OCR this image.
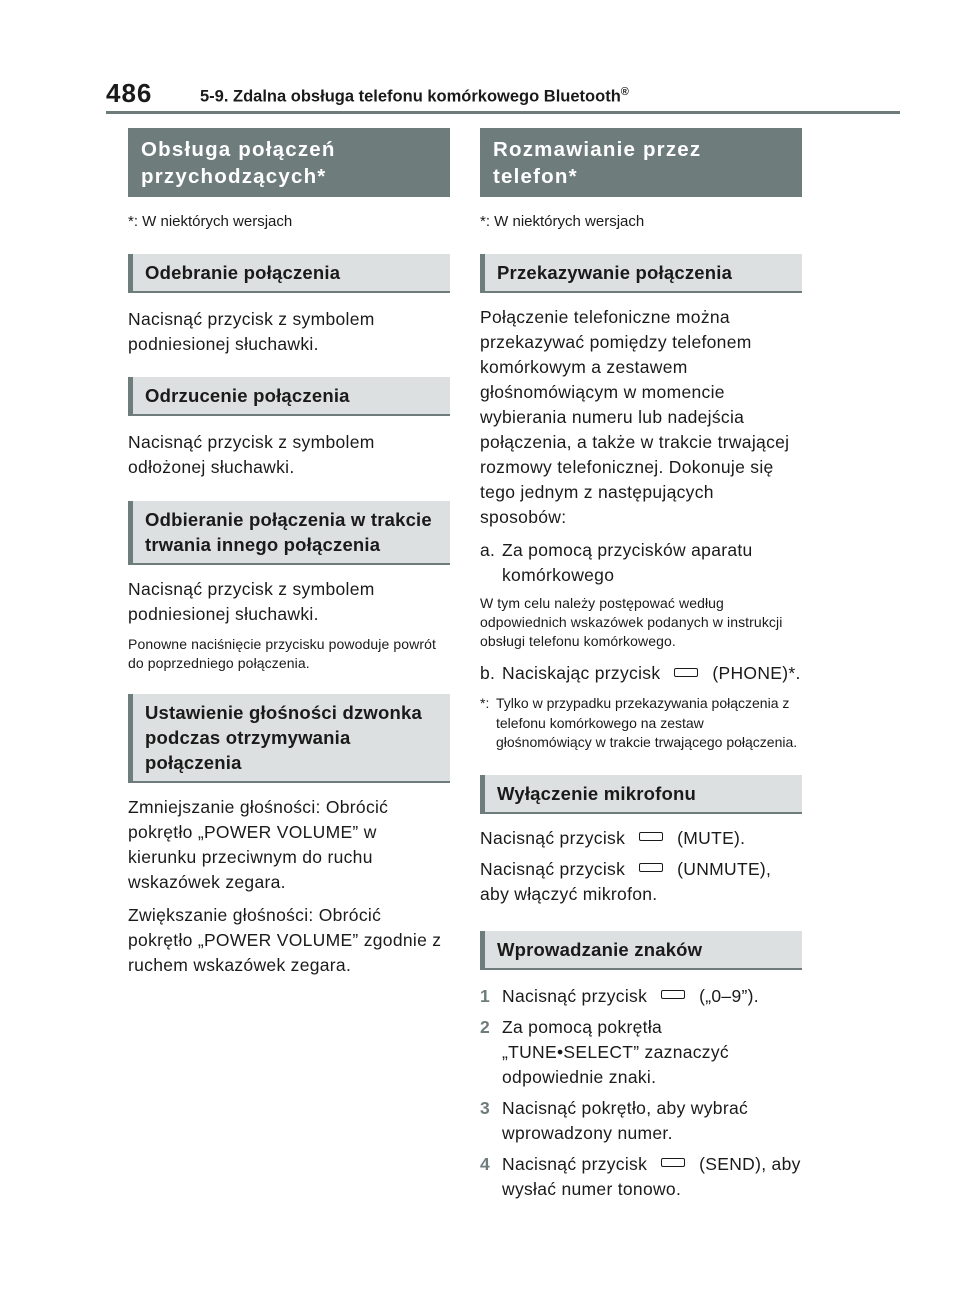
486	5-9. Zdalna obsługa telefonu komórkowego Bluetooth®
Obsługa połączeń przychodzących*

*: W niektórych wersjach

Odebranie połączenia

Nacisnąć przycisk z symbolem podniesionej słuchawki.

Odrzucenie połączenia

Nacisnąć przycisk z symbolem odłożonej słuchawki.

Odbieranie połączenia w trakcie trwania innego połączenia

Nacisnąć przycisk z symbolem podniesionej słuchawki.

Ponowne naciśnięcie przycisku powoduje powrót do poprzedniego połączenia.

Ustawienie głośności dzwonka podczas otrzymywania połączenia

Zmniejszanie głośności: Obrócić pokrętło „POWER VOLUME” w kierunku przeciwnym do ruchu wskazówek zegara.

Zwiększanie głośności: Obrócić pokrętło „POWER VOLUME” zgodnie z ruchem wskazówek zegara.

Rozmawianie przez telefon*

*: W niektórych wersjach

Przekazywanie połączenia

Połączenie telefoniczne można przekazywać pomiędzy telefonem komórkowym a zestawem głośnomówiącym w momencie wybierania numeru lub nadejścia połączenia, a także w trakcie trwającej rozmowy telefonicznej. Dokonuje się tego jednym z następujących sposobów:

a. Za pomocą przycisków aparatu komórkowego

W tym celu należy postępować według odpowiednich wskazówek podanych w instrukcji obsługi telefonu komórkowego.

b. Naciskając przycisk	(PHONE)*.
*: Tylko w przypadku przekazywania połączenia z telefonu komórkowego na zestaw głośnomówiący w trakcie trwającego połączenia.
Wyłączenie mikrofonu

Nacisnąć przycisk	(MUTE).

Nacisnąć przycisk	(UNMUTE), aby włączyć mikrofon.

Wprowadzanie znaków
1 Nacisnąć przycisk	(„0–9”).
2 Za pomocą pokrętła „TUNE•SELECT” zaznaczyć odpowiednie znaki.
3 Nacisnąć pokrętło, aby wybrać wprowadzony numer.
4 Nacisnąć przycisk	(SEND), aby wysłać numer tonowo.
